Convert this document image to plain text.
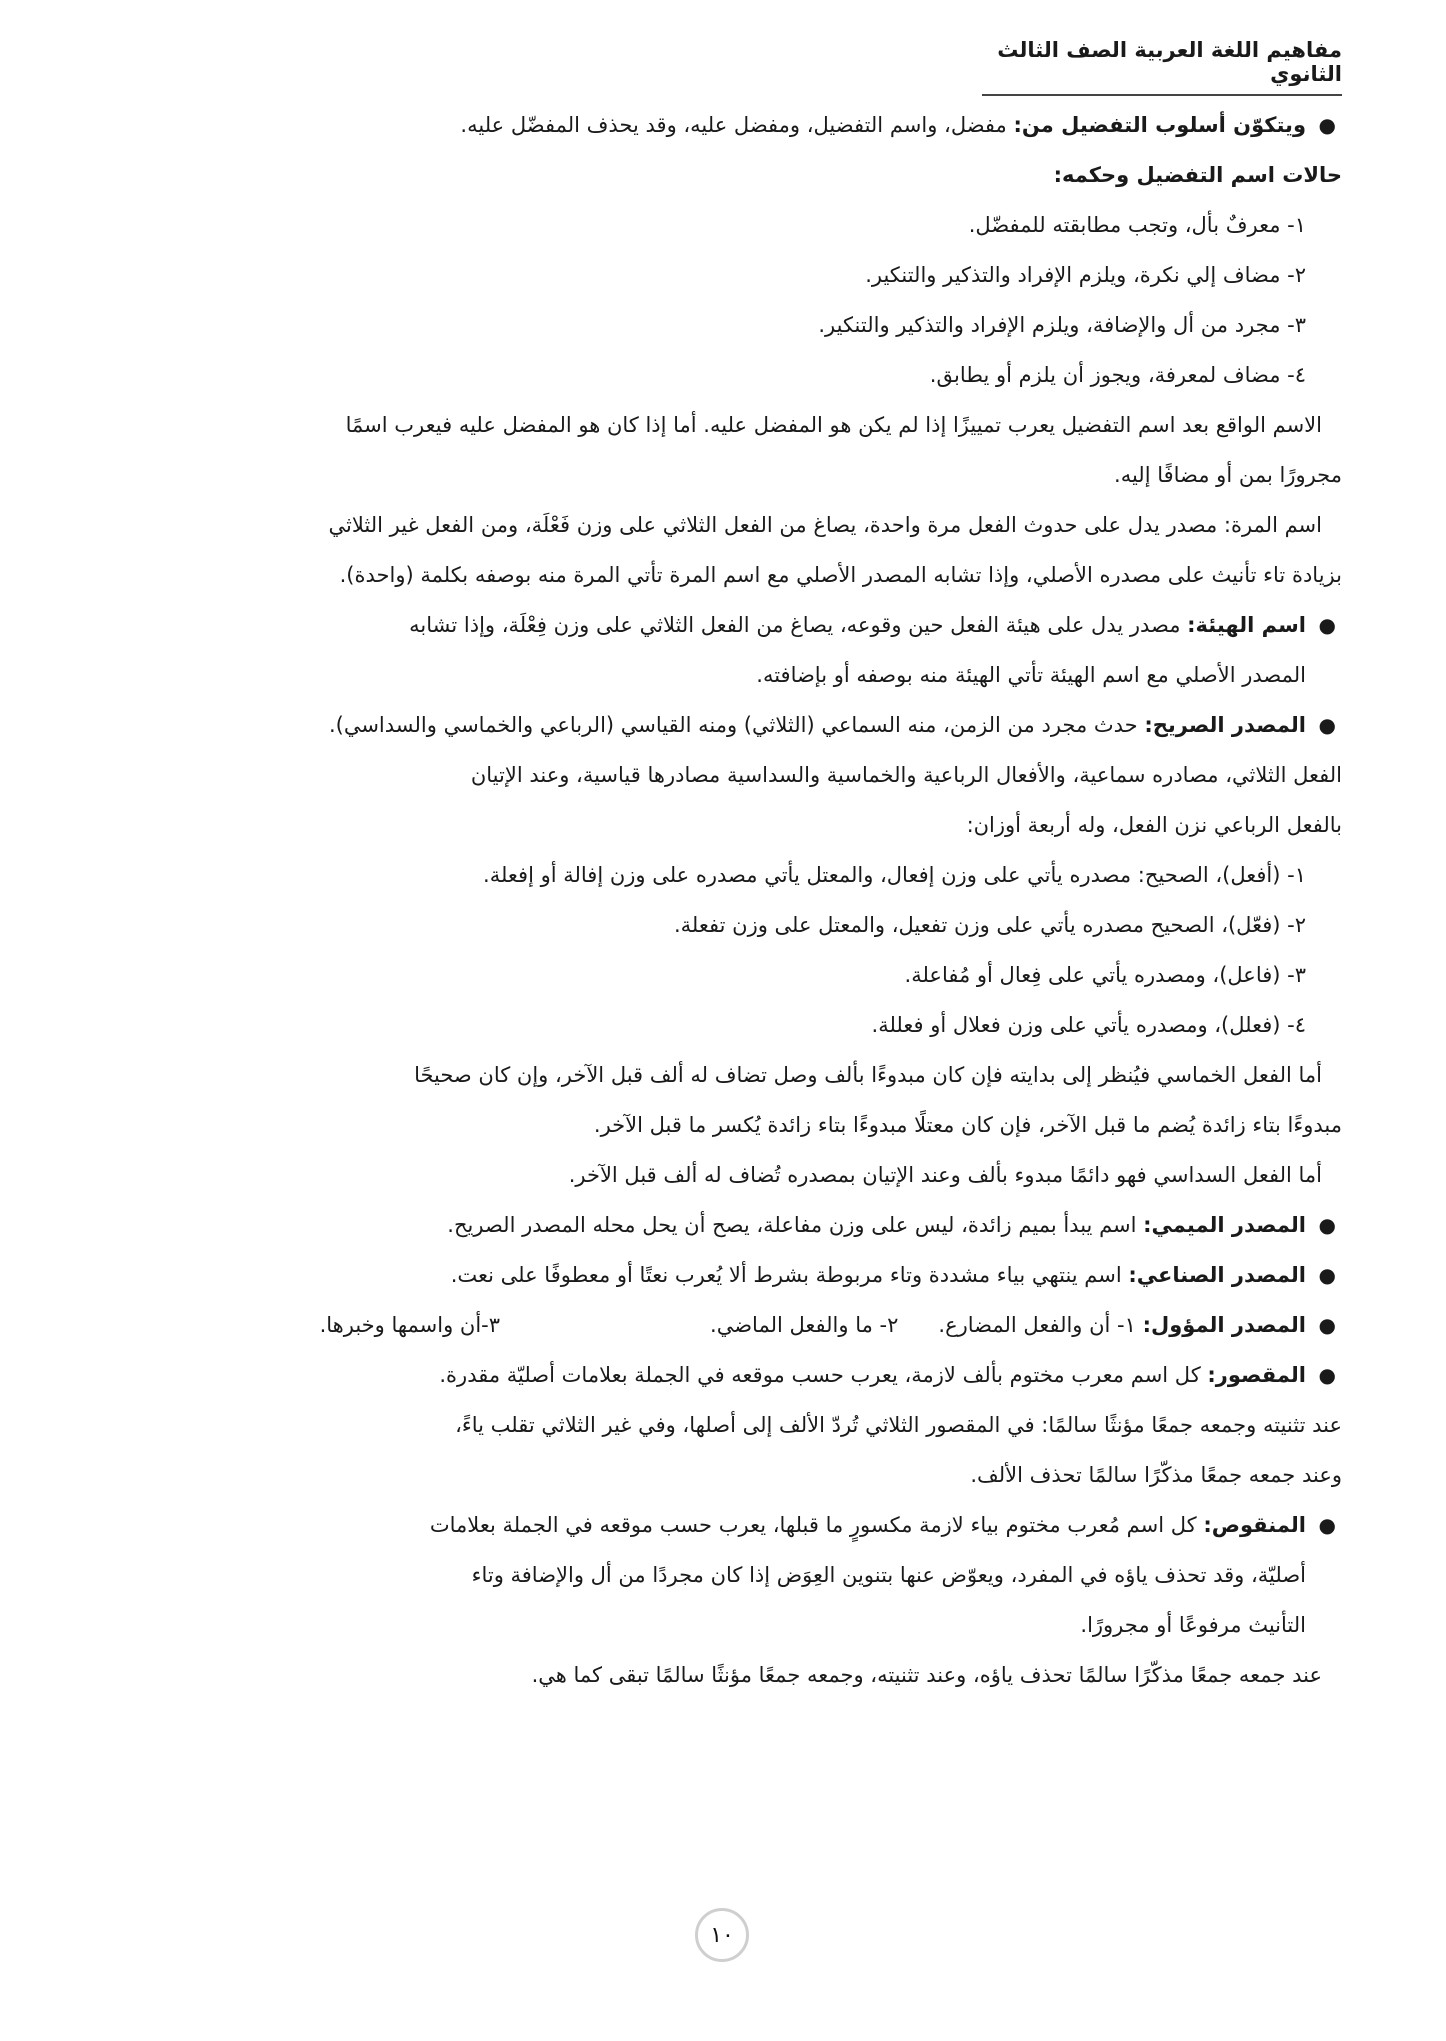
مفاهيم اللغة العربية الصف الثالث الثانوي

●
ويتكوّن أسلوب التفضيل من: مفضل، واسم التفضيل، ومفضل عليه، وقد يحذف المفضّل عليه.

حالات اسم التفضيل وحكمه:

١- معرفٌ بأل، وتجب مطابقته للمفضّل.

٢- مضاف إلي نكرة، ويلزم الإفراد والتذكير والتنكير.

٣- مجرد من أل والإضافة، ويلزم الإفراد والتذكير والتنكير.

٤- مضاف لمعرفة، ويجوز أن يلزم أو يطابق.

الاسم الواقع بعد اسم التفضيل يعرب تمييزًا إذا لم يكن هو المفضل عليه. أما إذا كان هو المفضل عليه فيعرب اسمًا

مجرورًا بمن أو مضافًا إليه.

اسم المرة: مصدر يدل على حدوث الفعل مرة واحدة، يصاغ من الفعل الثلاثي على وزن فَعْلَة، ومن الفعل غير الثلاثي

بزيادة تاء تأنيث على مصدره الأصلي، وإذا تشابه المصدر الأصلي مع اسم المرة تأتي المرة منه بوصفه بكلمة (واحدة).

●
اسم الهيئة: مصدر يدل على هيئة الفعل حين وقوعه، يصاغ من الفعل الثلاثي على وزن فِعْلَة، وإذا تشابه

المصدر الأصلي مع اسم الهيئة تأتي الهيئة منه بوصفه أو بإضافته.

●
المصدر الصريح: حدث مجرد من الزمن، منه السماعي (الثلاثي) ومنه القياسي (الرباعي والخماسي والسداسي).

الفعل الثلاثي، مصادره سماعية، والأفعال الرباعية والخماسية والسداسية مصادرها قياسية، وعند الإتيان

بالفعل الرباعي نزن الفعل، وله أربعة أوزان:

١- (أفعل)، الصحيح: مصدره يأتي على وزن إفعال، والمعتل يأتي مصدره على وزن إفالة أو إفعلة.

٢- (فعّل)، الصحيح مصدره يأتي على وزن تفعيل، والمعتل على وزن تفعلة.

٣- (فاعل)، ومصدره يأتي على فِعال أو مُفاعلة.

٤- (فعلل)، ومصدره يأتي على وزن فعلال أو فعللة.

أما الفعل الخماسي فيُنظر إلى بدايته فإن كان مبدوءًا بألف وصل تضاف له ألف قبل الآخر، وإن كان صحيحًا

مبدوءًا بتاء زائدة يُضم ما قبل الآخر، فإن كان معتلًا مبدوءًا بتاء زائدة يُكسر ما قبل الآخر.

أما الفعل السداسي فهو دائمًا مبدوء بألف وعند الإتيان بمصدره تُضاف له ألف قبل الآخر.

●
المصدر الميمي: اسم يبدأ بميم زائدة، ليس على وزن مفاعلة، يصح أن يحل محله المصدر الصريح.

●
المصدر الصناعي: اسم ينتهي بياء مشددة وتاء مربوطة بشرط ألا يُعرب نعتًا أو معطوفًا على نعت.

●
المصدر المؤول: ١- أن والفعل المضارع.
٢- ما والفعل الماضي.
٣-أن واسمها وخبرها.

●
المقصور: كل اسم معرب مختوم بألف لازمة، يعرب حسب موقعه في الجملة بعلامات أصليّة مقدرة.

عند تثنيته وجمعه جمعًا مؤنثًا سالمًا: في المقصور الثلاثي تُردّ الألف إلى أصلها، وفي غير الثلاثي تقلب ياءً،

وعند جمعه جمعًا مذكّرًا سالمًا تحذف الألف.

●
المنقوص: كل اسم مُعرب مختوم بياء لازمة مكسورٍ ما قبلها، يعرب حسب موقعه في الجملة بعلامات

أصليّة، وقد تحذف ياؤه في المفرد، ويعوّض عنها بتنوين العِوَض إذا كان مجردًا من أل والإضافة وتاء

التأنيث مرفوعًا أو مجرورًا.

عند جمعه جمعًا مذكّرًا سالمًا تحذف ياؤه، وعند تثنيته، وجمعه جمعًا مؤنثًا سالمًا تبقى كما هي.

١٠
